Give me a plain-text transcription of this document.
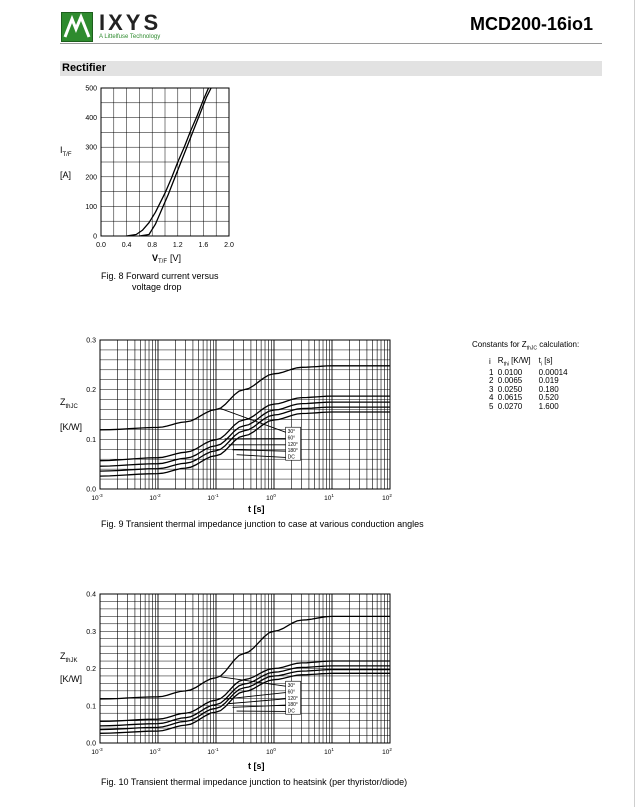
IXYS
A Littelfuse Technology
MCD200-16io1
Rectifier
0.0 0.4 0.8 1.2 1.6 2.0
0
100
200
300
400
500
$I_{T/F}$
[A]
$V_{T/F}$ [V]
Fig. 8 Forward current versus
voltage drop
$10^{-3}$	$10^{-2}$	$10^{-1}$	$10^0$	$10^1$	$10^2$
0.0
0.1
0.2
0.3
30°
60°
120°
180°
DC
$Z_{thJC}$
[K/W]
t [s]
Fig. 9 Transient thermal impedance junction to case at various conduction angles
Constants for $Z_{thJC}$ calculation:
i	$R_{thi}$ [K/W]	$t_i$ [s]
1	0.0100	0.00014
2	0.0065	0.019
3	0.0250	0.180
4	0.0615	0.520
5	0.0270	1.600
$10^{-3}$	$10^{-2}$	$10^{-1}$	$10^0$	$10^1$	$10^2$
0.0
0.1
0.2
0.3
0.4
30°
60°
120°
180°
DC
$Z_{thJK}$
[K/W]
t [s]
Fig. 10 Transient thermal impedance junction to heatsink (per thyristor/diode)
